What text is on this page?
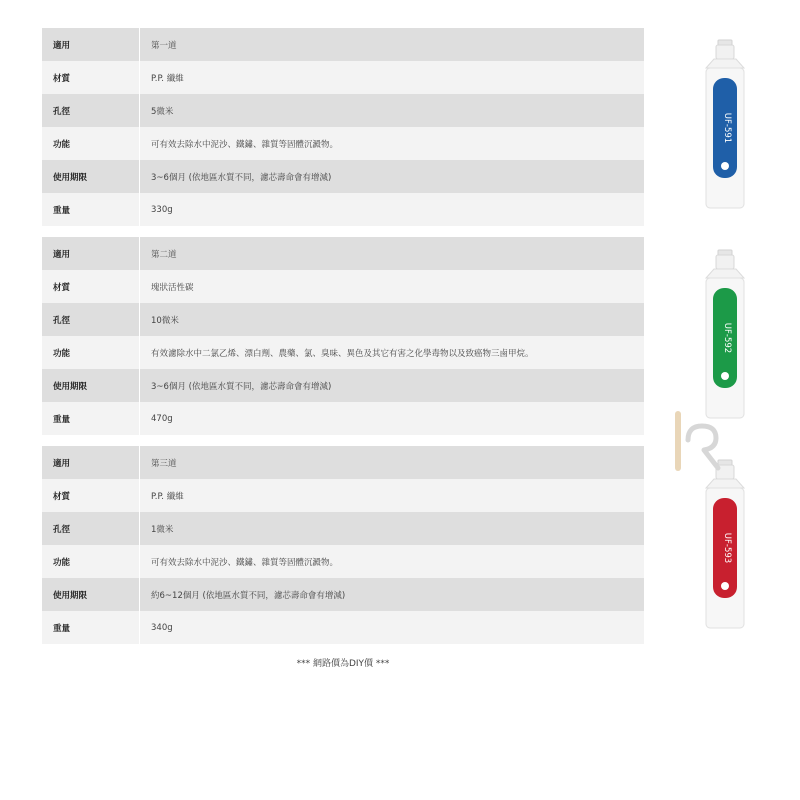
適用	第一道
材質	P.P. 纖維
孔徑	5微米
功能	可有效去除水中泥沙、鐵鏽、雜質等固體沉澱物。
使用期限	3~6個月 (依地區水質不同，濾芯壽命會有增減)
重量	330g
適用	第二道
材質	塊狀活性碳
孔徑	10微米
功能	有效濾除水中二氯乙烯、漂白劑、農藥、氯、臭味、異色及其它有害之化學毒物以及致癌物三鹵甲烷。
使用期限	3~6個月 (依地區水質不同，濾芯壽命會有增減)
重量	470g
適用	第三道
材質	P.P. 纖維
孔徑	1微米
功能	可有效去除水中泥沙、鐵鏽、雜質等固體沉澱物。
使用期限	約6~12個月 (依地區水質不同，濾芯壽命會有增減)
重量	340g
*** 網路價為DIY價 ***
UF-591
UF-592
UF-593
